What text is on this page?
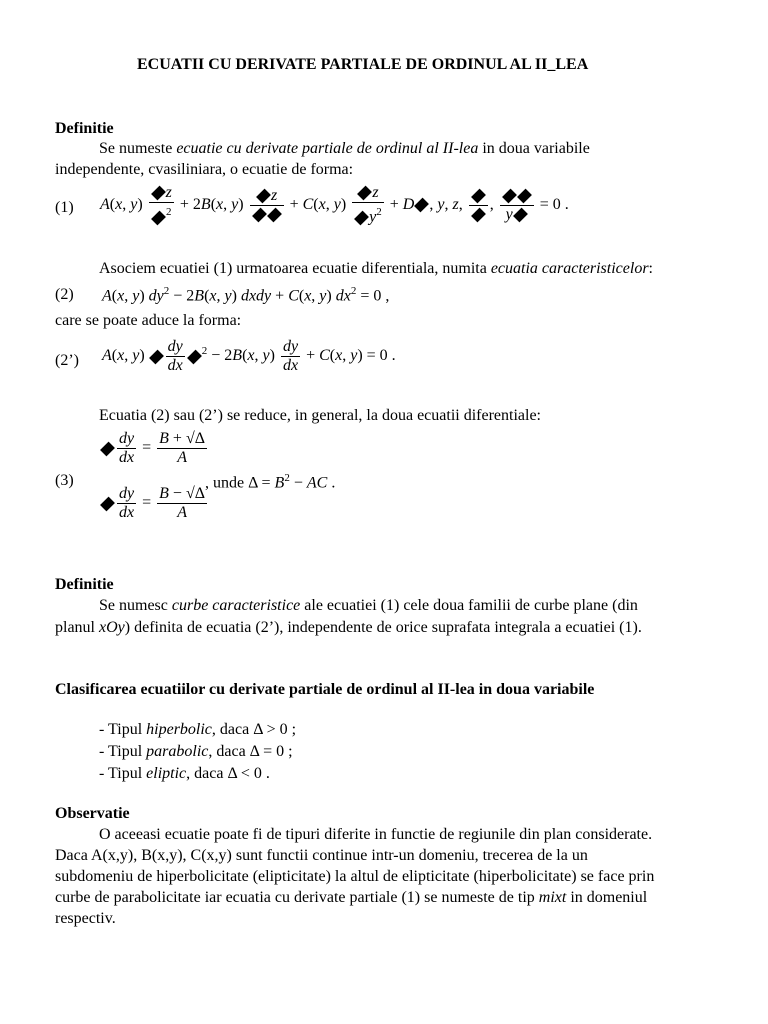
ECUATII CU DERIVATE PARTIALE DE ORDINUL AL II_LEA
Definitie
Se numeste ecuatie cu derivate partiale de ordinul al II-lea in doua variabile
independente, cvasiliniara, o ecuatie de forma:
(1) A(x, $y) \frac{z}{^2} + 2B(x$, y)
z
+ C(x, $y) \frac{z}{y^2} + D$ , y, z,
,
y
= 0 .
Asociem ecuatiei (1) urmatoarea ecuatie diferentiala, numita ecuatia caracteristicelor:
(2) A(x, y) $dy^2 - 2B(x$, y) dxdy + C(x, y) $dx^2 = 0$ ,
care se poate aduce la forma:
(2’) A(x, $y) \frac{dy}{dx} ^2 - 2B(x$, $y) \frac{dy}{dx} + C(x$, y) = 0 .
Ecuatia (2) sau (2’) se reduce, in general, la doua ecuatii diferentiale:
(3)
$\frac{dy}{dx} = \frac{B + √\Delta}{A}$
$\frac{dy}{dx} = \frac{B - √\Delta}{A}$
, unde $\Delta = B^2$ − AC .
Definitie
Se numesc curbe caracteristice ale ecuatiei (1) cele doua familii de curbe plane (din
planul xOy) definita de ecuatia (2’), independente de orice suprafata integrala a ecuatiei (1).
Clasificarea ecuatiilor cu derivate partiale de ordinul al II-lea in doua variabile
- Tipul hiperbolic, daca Δ > 0 ;
- Tipul parabolic, daca Δ = 0 ;
- Tipul eliptic, daca Δ < 0 .
Observatie
O aceeasi ecuatie poate fi de tipuri diferite in functie de regiunile din plan considerate.
Daca A(x,y), B(x,y), C(x,y) sunt functii continue intr-un domeniu, trecerea de la un
subdomeniu de hiperbolicitate (elipticitate) la altul de elipticitate (hiperbolicitate) se face prin
curbe de parabolicitate iar ecuatia cu derivate partiale (1) se numeste de tip mixt in domeniul
respectiv.
